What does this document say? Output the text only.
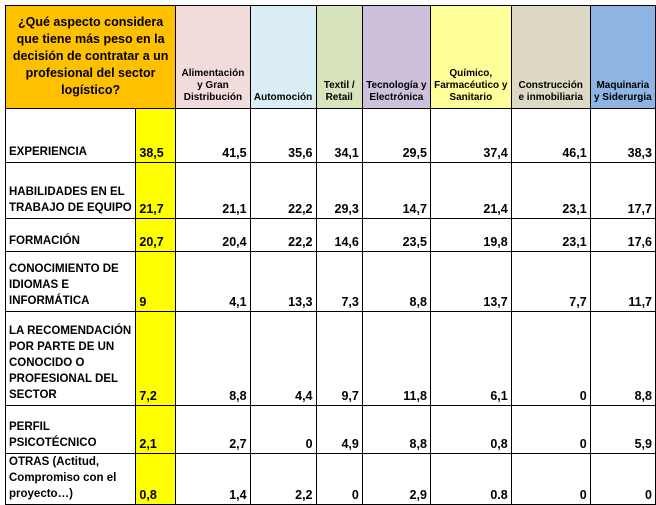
¿Qué aspecto considera que tiene más peso en la decisión de contratar a un profesional del sector logístico?		Alimentación y Gran Distribución	Automoción	Textil / Retail	Tecnología y Electrónica	Químico, Farmacéutico y Sanitario	Construcción e inmobiliaria	Maquinaria y Siderurgia
EXPERIENCIA	38,5	41,5	35,6	34,1	29,5	37,4	46,1	38,3
HABILIDADES EN EL TRABAJO DE EQUIPO	21,7	21,1	22,2	29,3	14,7	21,4	23,1	17,7
FORMACIÓN	20,7	20,4	22,2	14,6	23,5	19,8	23,1	17,6
CONOCIMIENTO DE IDIOMAS E INFORMÁTICA	9	4,1	13,3	7,3	8,8	13,7	7,7	11,7
LA RECOMENDACIÓN POR PARTE DE UN CONOCIDO O PROFESIONAL DEL SECTOR	7,2	8,8	4,4	9,7	11,8	6,1	0	8,8
PERFIL PSICOTÉCNICO	2,1	2,7	0	4,9	8,8	0,8	0	5,9
OTRAS (Actitud, Compromiso con el proyecto…)	0,8	1,4	2,2	0	2,9	0.8	0	0
